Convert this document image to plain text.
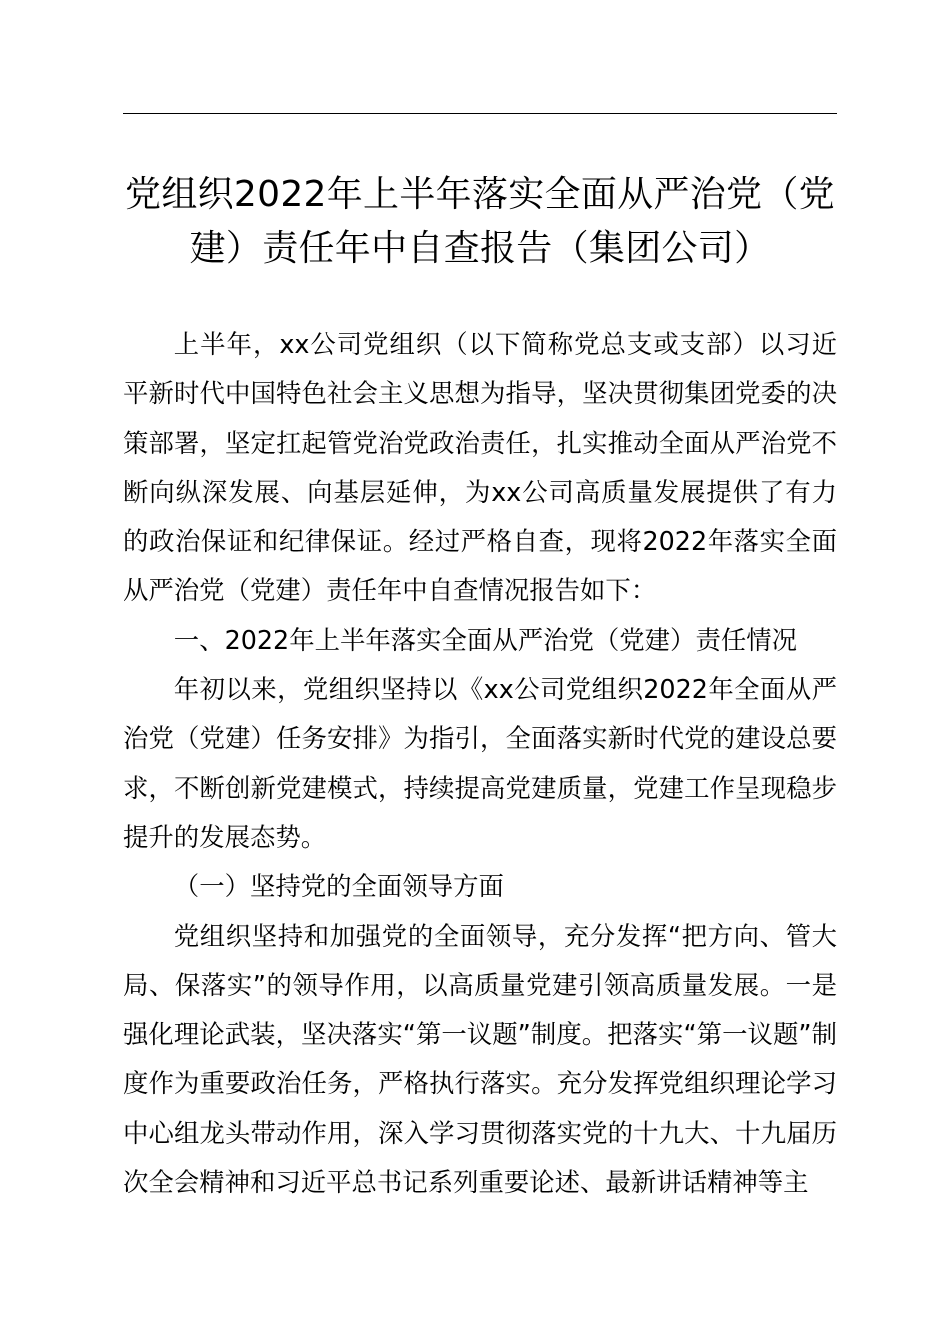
党组织2022年上半年落实全面从严治党（党建）责任年中自查报告（集团公司）

上半年，xx公司党组织（以下简称党总支或支部）以习近平新时代中国特色社会主义思想为指导，坚决贯彻集团党委的决策部署，坚定扛起管党治党政治责任，扎实推动全面从严治党不断向纵深发展、向基层延伸，为xx公司高质量发展提供了有力的政治保证和纪律保证。经过严格自查，现将2022年落实全面从严治党（党建）责任年中自查情况报告如下：

一、2022年上半年落实全面从严治党（党建）责任情况

年初以来，党组织坚持以《xx公司党组织2022年全面从严治党（党建）任务安排》为指引，全面落实新时代党的建设总要求，不断创新党建模式，持续提高党建质量，党建工作呈现稳步提升的发展态势。

（一）坚持党的全面领导方面

党组织坚持和加强党的全面领导，充分发挥“把方向、管大局、保落实”的领导作用，以高质量党建引领高质量发展。一是强化理论武装，坚决落实“第一议题”制度。把落实“第一议题”制度作为重要政治任务，严格执行落实。充分发挥党组织理论学习中心组龙头带动作用，深入学习贯彻落实党的十九大、十九届历次全会精神和习近平总书记系列重要论述、最新讲话精神等主
